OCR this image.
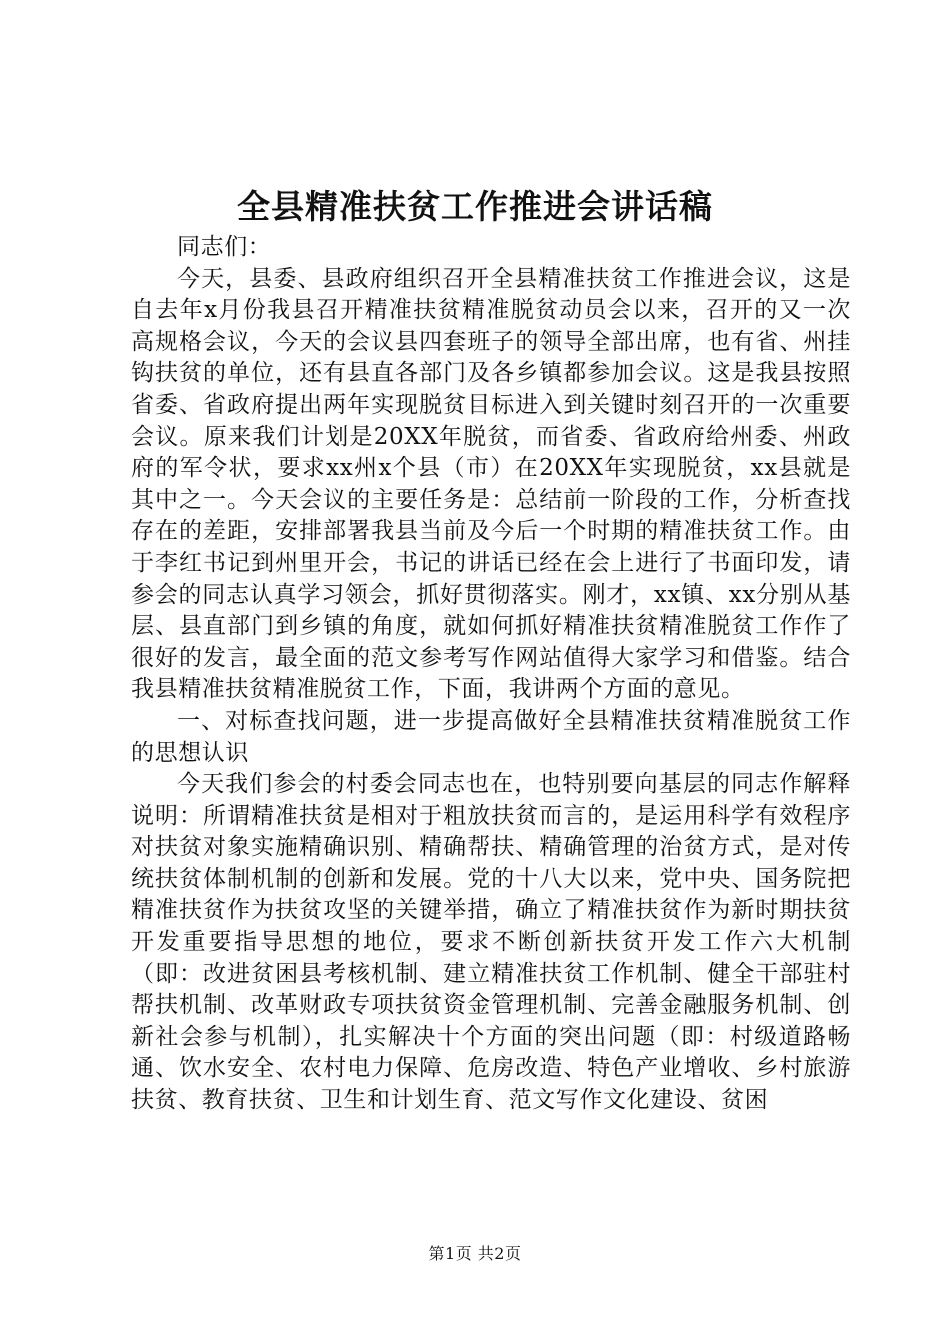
全县精准扶贫工作推进会讲话稿

同志们：

今天，县委、县政府组织召开全县精准扶贫工作推进会议，这是自去年x月份我县召开精准扶贫精准脱贫动员会以来，召开的又一次高规格会议，今天的会议县四套班子的领导全部出席，也有省、州挂钩扶贫的单位，还有县直各部门及各乡镇都参加会议。这是我县按照省委、省政府提出两年实现脱贫目标进入到关键时刻召开的一次重要会议。原来我们计划是20XX年脱贫，而省委、省政府给州委、州政府的军令状，要求xx州x个县（市）在20XX年实现脱贫，xx县就是其中之一。今天会议的主要任务是：总结前一阶段的工作，分析查找存在的差距，安排部署我县当前及今后一个时期的精准扶贫工作。由于李红书记到州里开会，书记的讲话已经在会上进行了书面印发，请参会的同志认真学习领会，抓好贯彻落实。刚才，xx镇、xx分别从基层、县直部门到乡镇的角度，就如何抓好精准扶贫精准脱贫工作作了很好的发言，最全面的范文参考写作网站值得大家学习和借鉴。结合我县精准扶贫精准脱贫工作，下面，我讲两个方面的意见。

一、对标查找问题，进一步提高做好全县精准扶贫精准脱贫工作的思想认识

今天我们参会的村委会同志也在，也特别要向基层的同志作解释说明：所谓精准扶贫是相对于粗放扶贫而言的，是运用科学有效程序对扶贫对象实施精确识别、精确帮扶、精确管理的治贫方式，是对传统扶贫体制机制的创新和发展。党的十八大以来，党中央、国务院把精准扶贫作为扶贫攻坚的关键举措，确立了精准扶贫作为新时期扶贫开发重要指导思想的地位，要求不断创新扶贫开发工作六大机制（即：改进贫困县考核机制、建立精准扶贫工作机制、健全干部驻村帮扶机制、改革财政专项扶贫资金管理机制、完善金融服务机制、创新社会参与机制），扎实解决十个方面的突出问题（即：村级道路畅通、饮水安全、农村电力保障、危房改造、特色产业增收、乡村旅游扶贫、教育扶贫、卫生和计划生育、范文写作文化建设、贫困

第1页 共2页
